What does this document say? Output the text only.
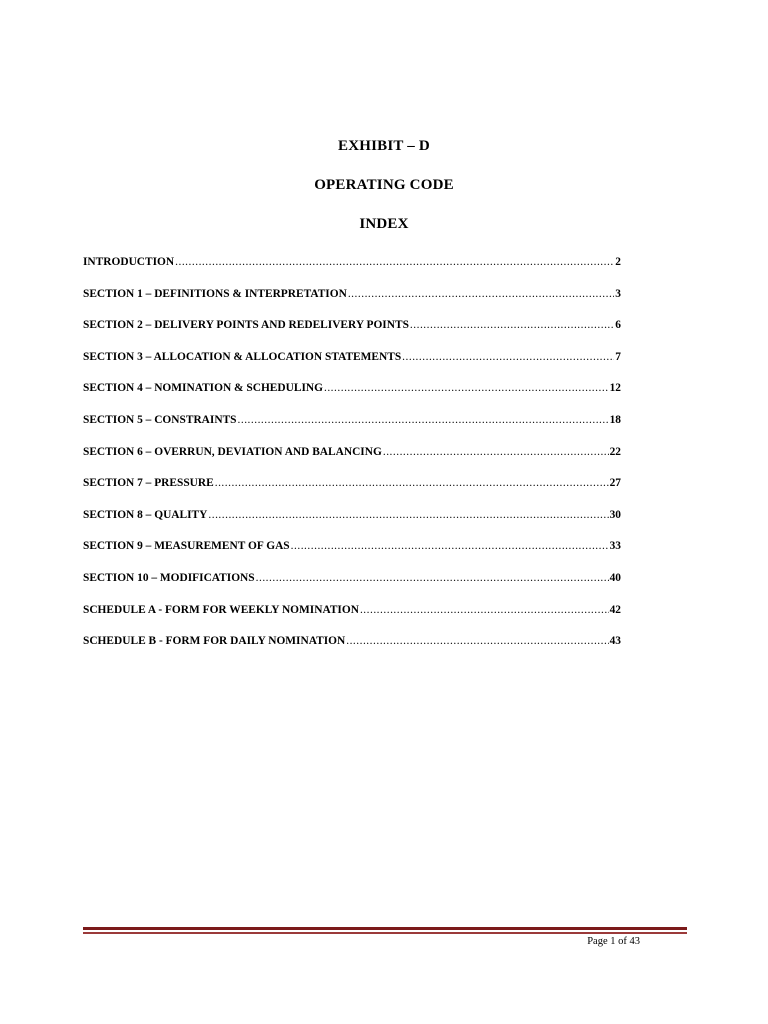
EXHIBIT – D
OPERATING CODE
INDEX
INTRODUCTION .....	2
SECTION 1 – DEFINITIONS & INTERPRETATION .....	3
SECTION 2 – DELIVERY POINTS AND REDELIVERY POINTS .....	6
SECTION 3 – ALLOCATION & ALLOCATION STATEMENTS .....	7
SECTION 4 – NOMINATION & SCHEDULING .....	12
SECTION 5 – CONSTRAINTS .....	18
SECTION 6 – OVERRUN, DEVIATION AND BALANCING .....	22
SECTION 7 – PRESSURE .....	27
SECTION 8 – QUALITY .....	30
SECTION 9 – MEASUREMENT OF GAS .....	33
SECTION 10 – MODIFICATIONS .....	40
SCHEDULE A - FORM FOR WEEKLY NOMINATION .....	42
SCHEDULE B - FORM FOR DAILY NOMINATION .....	43
Page 1 of 43
